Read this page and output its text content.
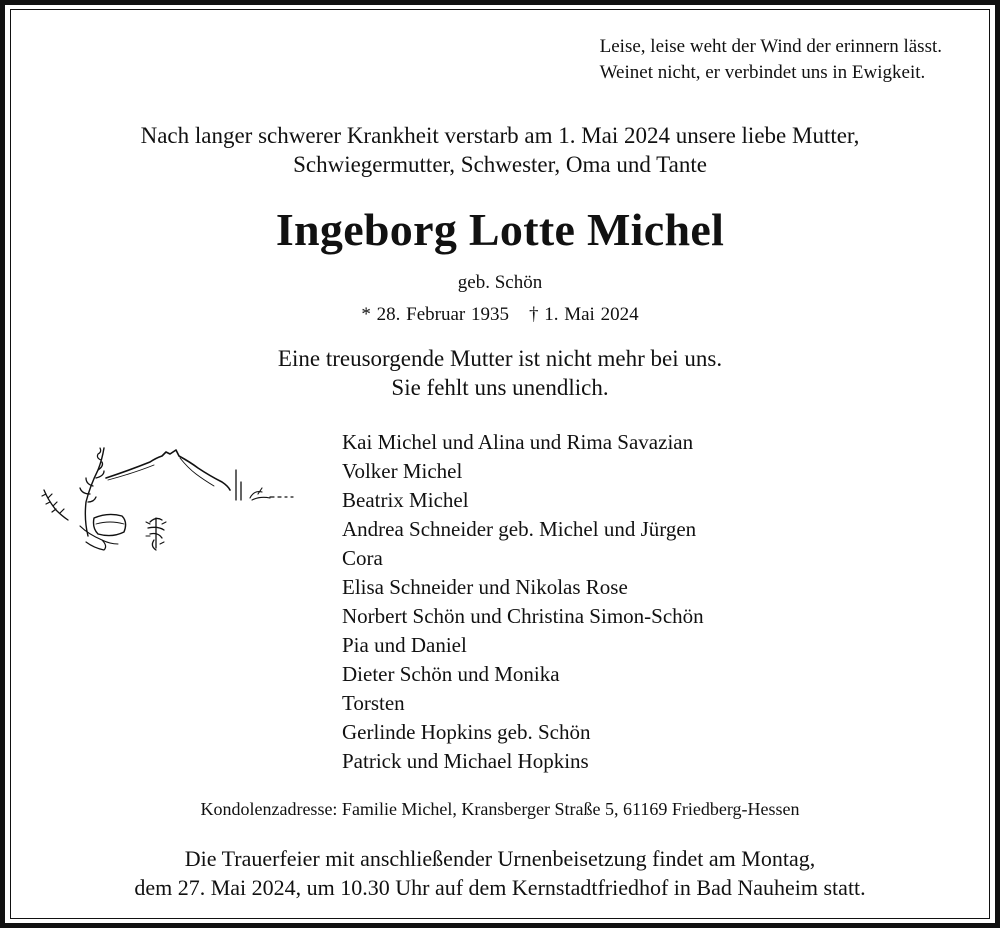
Leise, leise weht der Wind der erinnern lässt.
Weinet nicht, er verbindet uns in Ewigkeit.
Nach langer schwerer Krankheit verstarb am 1. Mai 2024 unsere liebe Mutter,
Schwiegermutter, Schwester, Oma und Tante
Ingeborg Lotte Michel
geb. Schön
* 28. Februar 1935 † 1. Mai 2024
Eine treusorgende Mutter ist nicht mehr bei uns.
Sie fehlt uns unendlich.
Kai Michel und Alina und Rima Savazian
Volker Michel
Beatrix Michel
Andrea Schneider geb. Michel und Jürgen
Cora
Elisa Schneider und Nikolas Rose
Norbert Schön und Christina Simon-Schön
Pia und Daniel
Dieter Schön und Monika
Torsten
Gerlinde Hopkins geb. Schön
Patrick und Michael Hopkins
Kondolenzadresse: Familie Michel, Kransberger Straße 5, 61169 Friedberg-Hessen
Die Trauerfeier mit anschließender Urnenbeisetzung findet am Montag,
dem 27. Mai 2024, um 10.30 Uhr auf dem Kernstadtfriedhof in Bad Nauheim statt.
